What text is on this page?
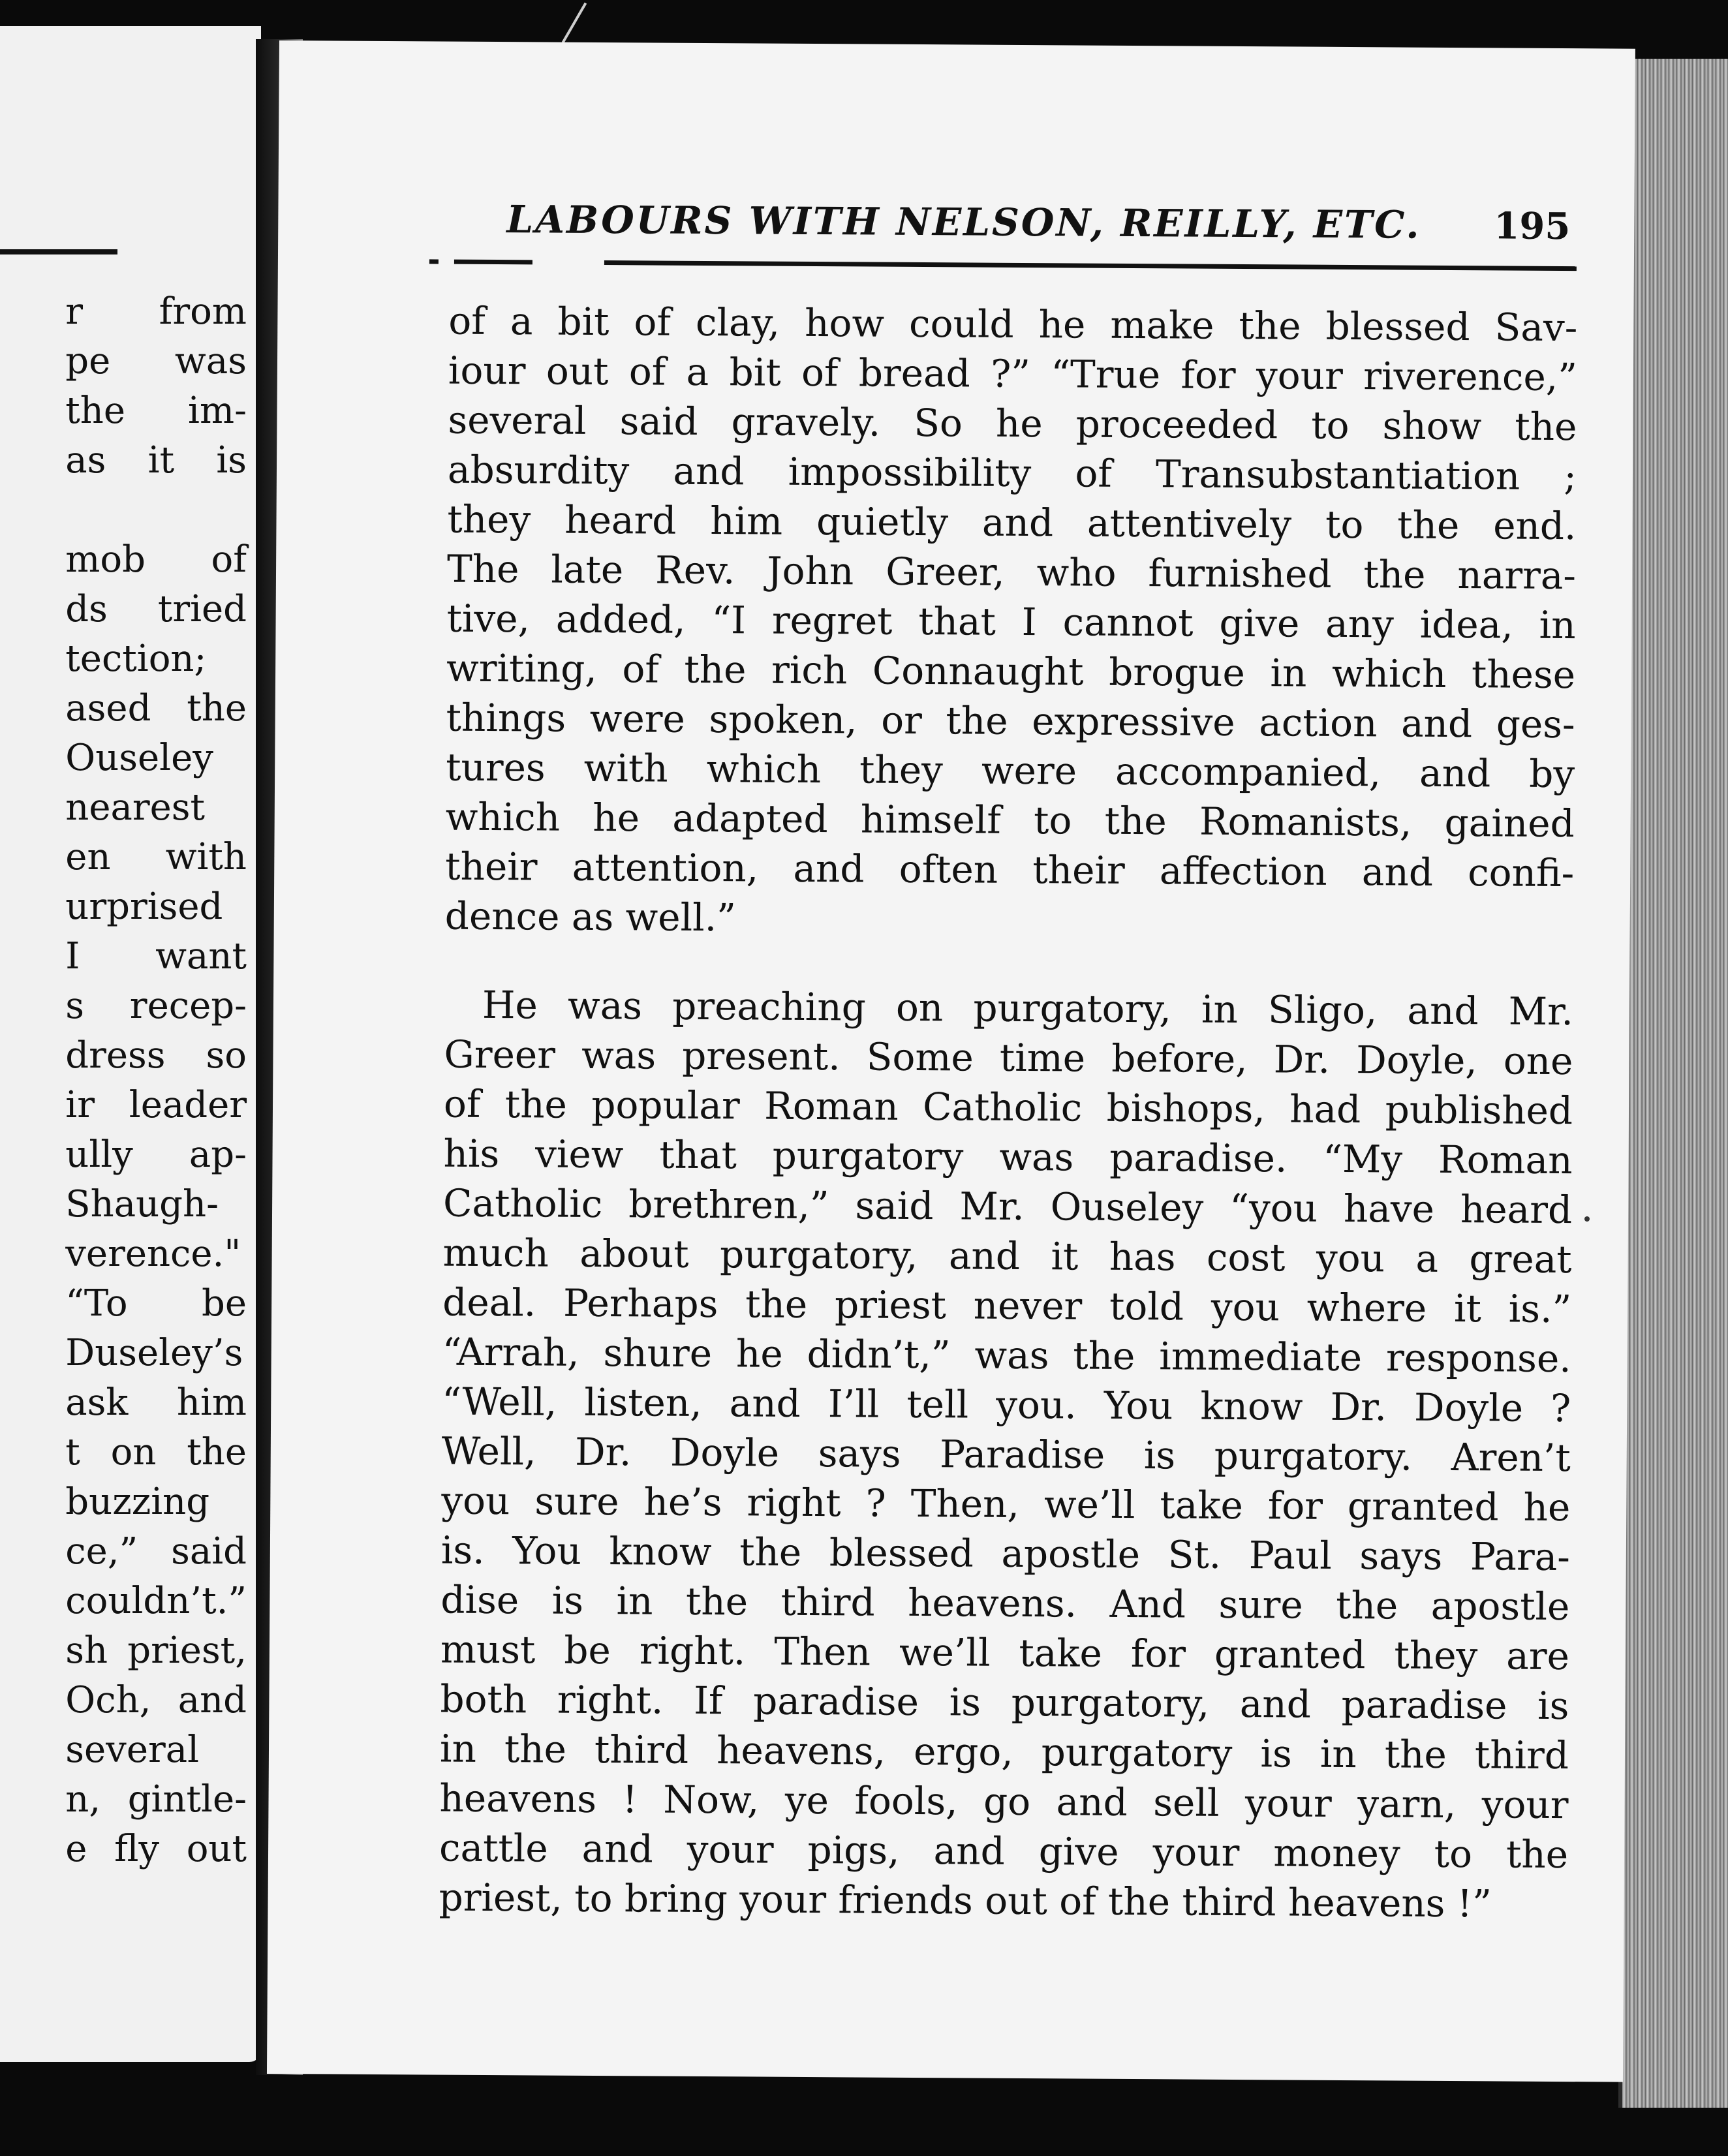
r from
pe was
the im-
as it is
mob of
ds tried
tection;
ased the
Ouseley
nearest
en with
urprised
I want
s recep-
dress so
ir leader
ully ap-
Shaugh-
verence."
“To be
Duseley’s
ask him
t on the
buzzing
ce,” said
couldn’t.”
sh priest,
Och, and
several
n, gintle-
e fly out
LABOURS WITH NELSON, REILLY, ETC. 195
of a bit of clay, how could he make the blessed Sav-
iour out of a bit of bread ?” “True for your riverence,”
several said gravely. So he proceeded to show the
absurdity and impossibility of Transubstantiation ;
they heard him quietly and attentively to the end.
The late Rev. John Greer, who furnished the narra-
tive, added, “I regret that I cannot give any idea, in
writing, of the rich Connaught brogue in which these
things were spoken, or the expressive action and ges-
tures with which they were accompanied, and by
which he adapted himself to the Romanists, gained
their attention, and often their affection and confi-
dence as well.”
He was preaching on purgatory, in Sligo, and Mr.
Greer was present. Some time before, Dr. Doyle, one
of the popular Roman Catholic bishops, had published
his view that purgatory was paradise. “My Roman
Catholic brethren,” said Mr. Ouseley “you have heard
much about purgatory, and it has cost you a great
deal. Perhaps the priest never told you where it is.”
“Arrah, shure he didn’t,” was the immediate response.
“Well, listen, and I’ll tell you. You know Dr. Doyle ?
Well, Dr. Doyle says Paradise is purgatory. Aren’t
you sure he’s right ? Then, we’ll take for granted he
is. You know the blessed apostle St. Paul says Para-
dise is in the third heavens. And sure the apostle
must be right. Then we’ll take for granted they are
both right. If paradise is purgatory, and paradise is
in the third heavens, ergo, purgatory is in the third
heavens ! Now, ye fools, go and sell your yarn, your
cattle and your pigs, and give your money to the
priest, to bring your friends out of the third heavens !”
